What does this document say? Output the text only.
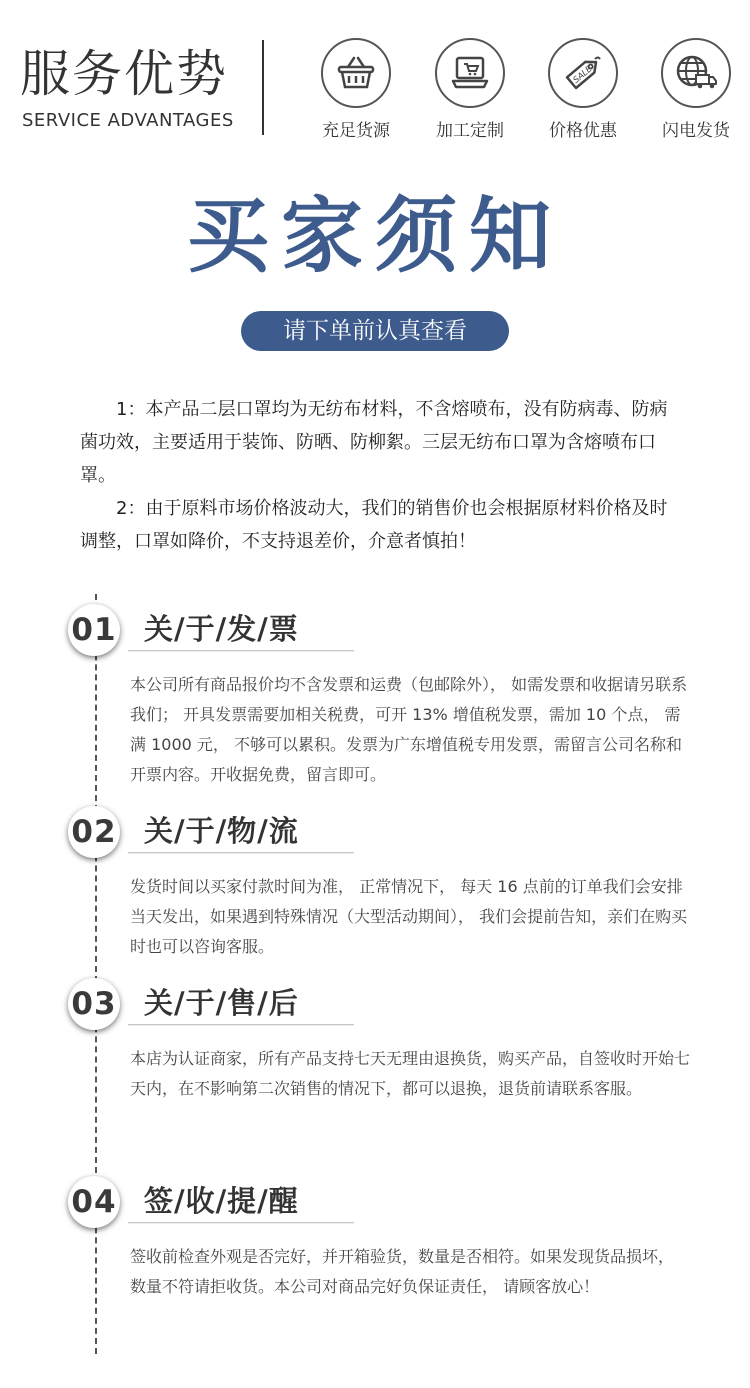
服务优势
SERVICE ADVANTAGES	充足货源	加工定制
SALE
价格优惠	闪电发货
买家须知
请下单前认真查看

1：本产品二层口罩均为无纺布材料，不含熔喷布，没有防病毒、防病菌功效，主要适用于装饰、防晒、防柳絮。三层无纺布口罩为含熔喷布口罩。

2：由于原料市场价格波动大，我们的销售价也会根据原材料价格及时调整，口罩如降价，不支持退差价，介意者慎拍！

关/于/发/票
01
本公司所有商品报价均不含发票和运费（包邮除外）， 如需发票和收据请另联系我们； 开具发票需要加相关税费，可开 13% 增值税发票，需加 10 个点， 需满 1000 元， 不够可以累积。发票为广东增值税专用发票，需留言公司名称和开票内容。开收据免费，留言即可。
关/于/物/流
02
发货时间以买家付款时间为准， 正常情况下， 每天 16 点前的订单我们会安排当天发出，如果遇到特殊情况（大型活动期间）， 我们会提前告知，亲们在购买时也可以咨询客服。
关/于/售/后
03
本店为认证商家，所有产品支持七天无理由退换货，购买产品，自签收时开始七天内，在不影响第二次销售的情况下，都可以退换，退货前请联系客服。
签/收/提/醒
04
签收前检查外观是否完好，并开箱验货，数量是否相符。如果发现货品损坏， 数量不符请拒收货。本公司对商品完好负保证责任， 请顾客放心！
